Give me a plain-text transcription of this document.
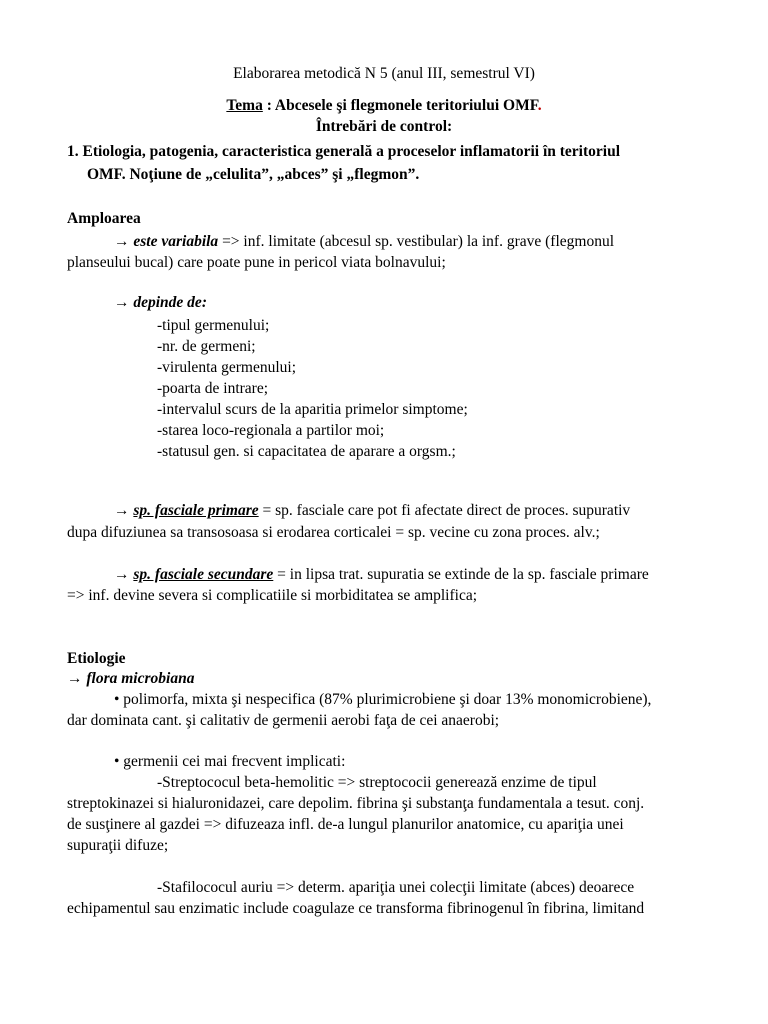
Elaborarea metodică N 5 (anul III, semestrul VI)
Tema : Abcesele şi flegmonele teritoriului OMF.
Întrebări de control:
1. Etiologia, patogenia, caracteristica generală a proceselor inflamatorii în teritoriul
OMF. Noţiune de „celulita”, „abces” şi „flegmon”.
Amploarea
→ este variabila => inf. limitate (abcesul sp. vestibular) la inf. grave (flegmonul
planseului bucal) care poate pune in pericol viata bolnavului;
→ depinde de:
-tipul germenului;
-nr. de germeni;
-virulenta germenului;
-poarta de intrare;
-intervalul scurs de la aparitia primelor simptome;
-starea loco-regionala a partilor moi;
-statusul gen. si capacitatea de aparare a orgsm.;
→ sp. fasciale primare = sp. fasciale care pot fi afectate direct de proces. supurativ
dupa difuziunea sa transosoasa si erodarea corticalei = sp. vecine cu zona proces. alv.;
→ sp. fasciale secundare = in lipsa trat. supuratia se extinde de la sp. fasciale primare
=> inf. devine severa si complicatiile si morbiditatea se amplifica;
Etiologie
→ flora microbiana
• polimorfa, mixta şi nespecifica (87% plurimicrobiene şi doar 13% monomicrobiene),
dar dominata cant. şi calitativ de germenii aerobi faţa de cei anaerobi;
• germenii cei mai frecvent implicati:
-Streptococul beta-hemolitic => streptococii generează enzime de tipul
streptokinazei si hialuronidazei, care depolim. fibrina şi substanţa fundamentala a tesut. conj.
de susţinere al gazdei => difuzeaza infl. de-a lungul planurilor anatomice, cu apariţia unei
supuraţii difuze;
-Stafilococul auriu => determ. apariţia unei colecţii limitate (abces) deoarece
echipamentul sau enzimatic include coagulaze ce transforma fibrinogenul în fibrina, limitand
